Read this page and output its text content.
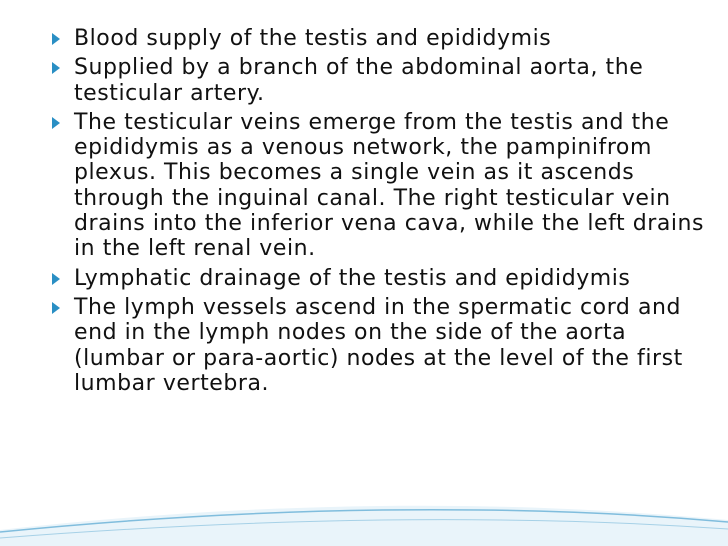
Blood supply of the testis and epididymis
Supplied by a branch of the abdominal aorta, the testicular artery.
The testicular veins emerge from the testis and the epididymis as a venous network, the pampinifrom plexus. This becomes a single vein as it ascends through the inguinal canal. The right testicular vein drains into the inferior vena cava, while the left drains in the left renal vein.
Lymphatic drainage of the testis and epididymis
The lymph vessels ascend in the spermatic cord and end in the lymph nodes on the side of the aorta (lumbar or para-aortic) nodes at the level of the first lumbar vertebra.
